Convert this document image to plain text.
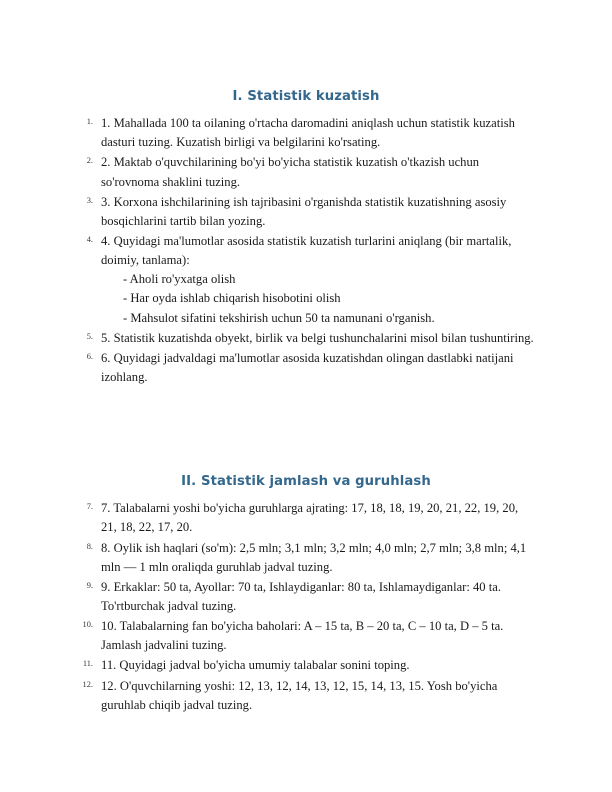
I. Statistik kuzatish
1. 1. Mahallada 100 ta oilaning o'rtacha daromadini aniqlash uchun statistik kuzatish dasturi tuzing. Kuzatish birligi va belgilarini ko'rsating.
2. 2. Maktab o'quvchilarining bo'yi bo'yicha statistik kuzatish o'tkazish uchun so'rovnoma shaklini tuzing.
3. 3. Korxona ishchilarining ish tajribasini o'rganishda statistik kuzatishning asosiy bosqichlarini tartib bilan yozing.
4. 4. Quyidagi ma'lumotlar asosida statistik kuzatish turlarini aniqlang (bir martalik, doimiy, tanlama):
- Aholi ro'yxatga olish
- Har oyda ishlab chiqarish hisobotini olish
- Mahsulot sifatini tekshirish uchun 50 ta namunani o'rganish.
5. 5. Statistik kuzatishda obyekt, birlik va belgi tushunchalarini misol bilan tushuntiring.
6. 6. Quyidagi jadvaldagi ma'lumotlar asosida kuzatishdan olingan dastlabki natijani izohlang.
II. Statistik jamlash va guruhlash
7. 7. Talabalarni yoshi bo'yicha guruhlarga ajrating: 17, 18, 18, 19, 20, 21, 22, 19, 20, 21, 18, 22, 17, 20.
8. 8. Oylik ish haqlari (so'm): 2,5 mln; 3,1 mln; 3,2 mln; 4,0 mln; 2,7 mln; 3,8 mln; 4,1 mln — 1 mln oraliqda guruhlab jadval tuzing.
9. 9. Erkaklar: 50 ta, Ayollar: 70 ta, Ishlaydiganlar: 80 ta, Ishlamaydiganlar: 40 ta. To'rtburchak jadval tuzing.
10. 10. Talabalarning fan bo'yicha baholari: A – 15 ta, B – 20 ta, C – 10 ta, D – 5 ta. Jamlash jadvalini tuzing.
11. 11. Quyidagi jadval bo'yicha umumiy talabalar sonini toping.
12. 12. O'quvchilarning yoshi: 12, 13, 12, 14, 13, 12, 15, 14, 13, 15. Yosh bo'yicha guruhlab chiqib jadval tuzing.
